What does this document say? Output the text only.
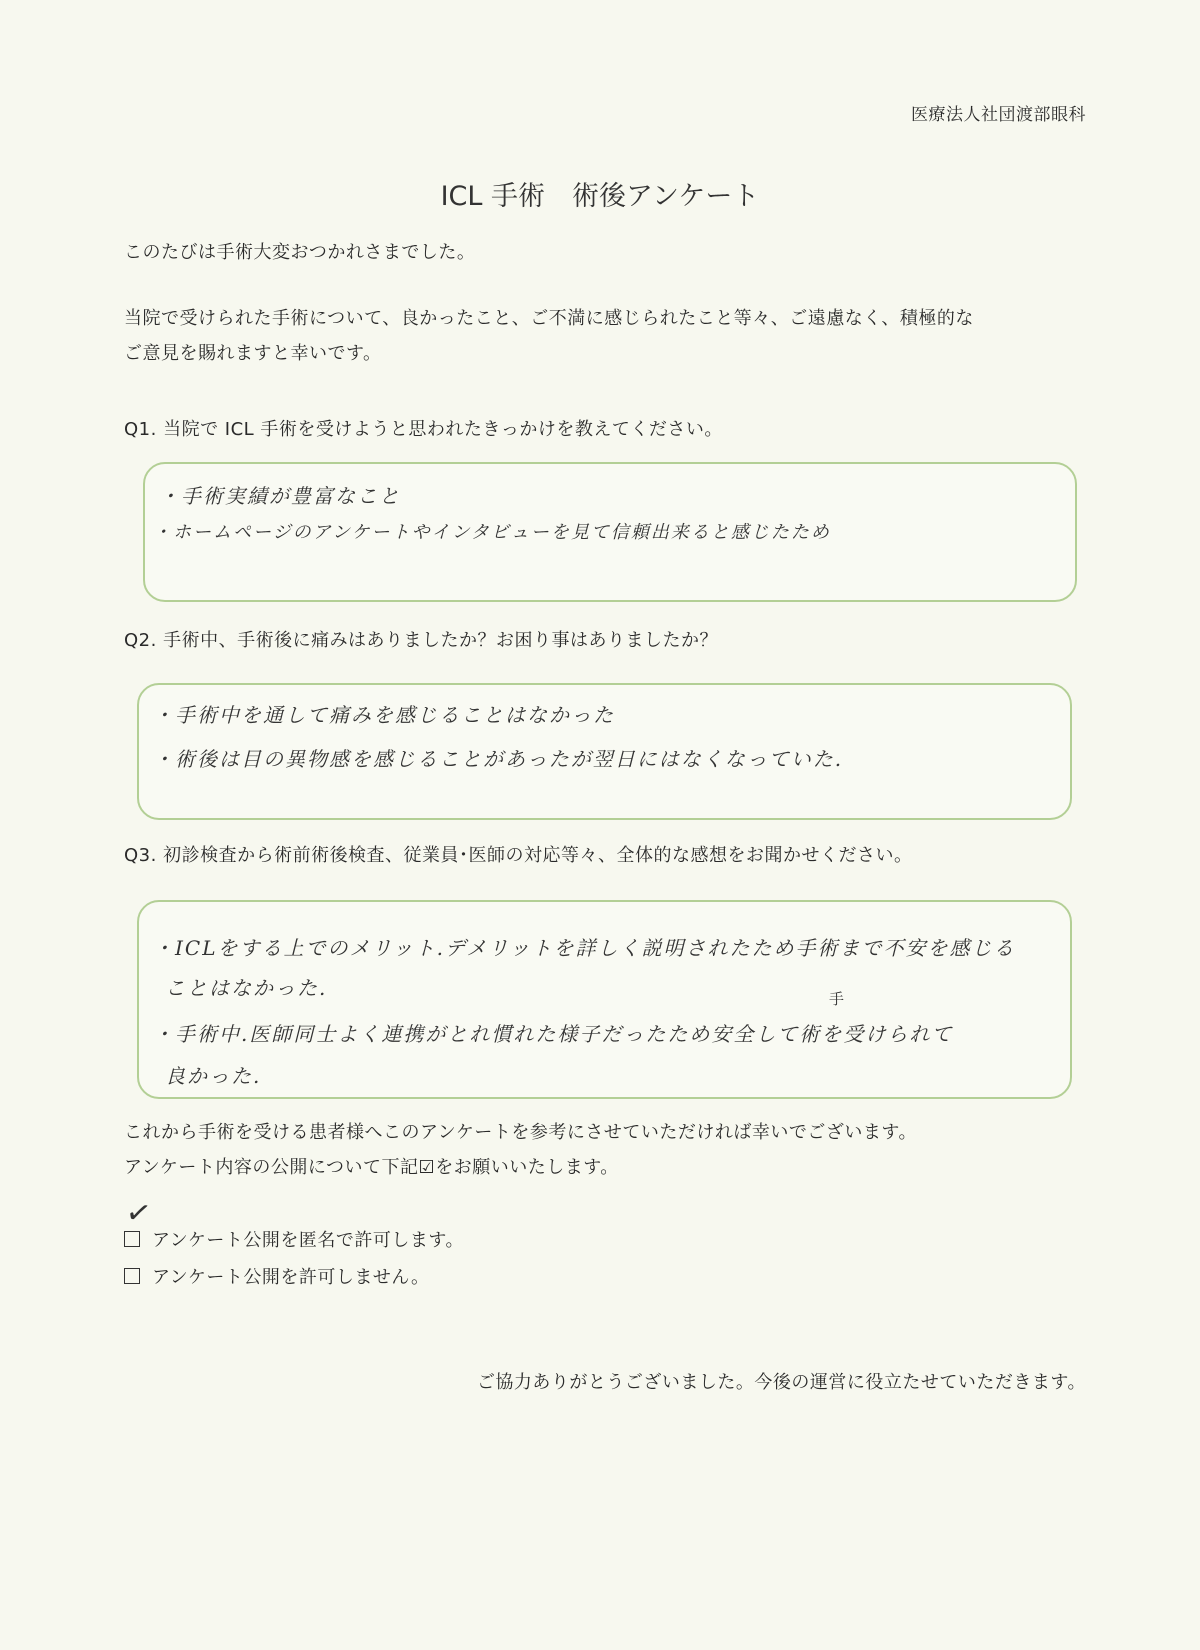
医療法人社団渡部眼科
ICL 手術　術後アンケート
このたびは手術大変おつかれさまでした。
当院で受けられた手術について、良かったこと、ご不満に感じられたこと等々、ご遠慮なく、積極的な
ご意見を賜れますと幸いです。
Q1. 当院で ICL 手術を受けようと思われたきっかけを教えてください。
・手術実績が豊富なこと
・ホームページのアンケートやインタビューを見て信頼出来ると感じたため
Q2. 手術中、手術後に痛みはありましたか？お困り事はありましたか？
・手術中を通して痛みを感じることはなかった
・術後は目の異物感を感じることがあったが翌日にはなくなっていた.
Q3. 初診検査から術前術後検査、従業員･医師の対応等々、全体的な感想をお聞かせください。
・ICLをする上でのメリット.デメリットを詳しく説明されたため手術まで不安を感じる
ことはなかった.	手
・手術中.医師同士よく連携がとれ慣れた様子だったため安全して術を受けられて
良かった.
これから手術を受ける患者様へこのアンケートを参考にさせていただければ幸いでございます。
アンケート内容の公開について下記☑をお願いいたします。
✓
アンケート公開を匿名で許可します。
アンケート公開を許可しません。
ご協力ありがとうございました。今後の運営に役立たせていただきます。
